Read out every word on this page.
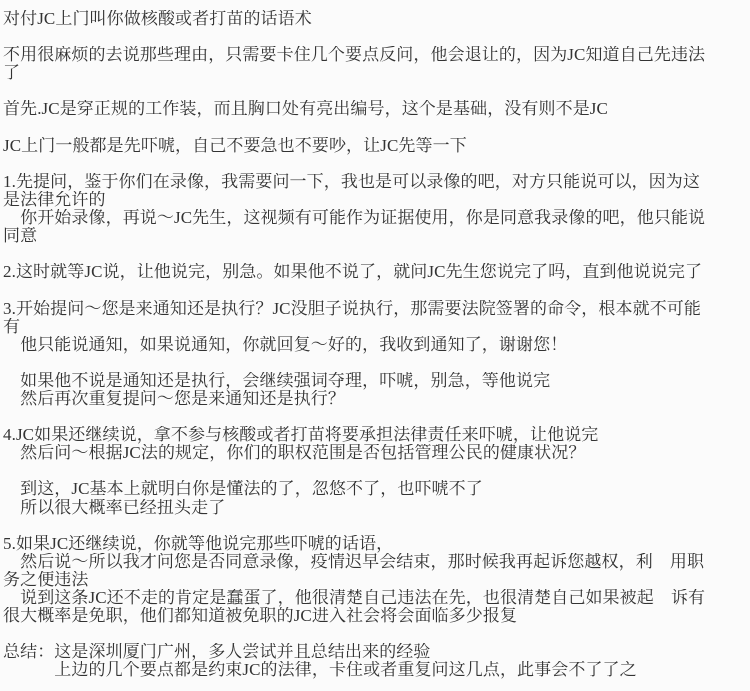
对付JC上门叫你做核酸或者打苗的话语术
不用很麻烦的去说那些理由，只需要卡住几个要点反问，他会退让的，因为JC知道自己先违法
了
首先.JC是穿正规的工作装，而且胸口处有亮出编号，这个是基础，没有则不是JC
JC上门一般都是先吓唬，自己不要急也不要吵，让JC先等一下
1.先提问，鉴于你们在录像，我需要问一下，我也是可以录像的吧，对方只能说可以，因为这
是法律允许的
　你开始录像，再说～JC先生，这视频有可能作为证据使用，你是同意我录像的吧，他只能说
同意
2.这时就等JC说，让他说完，别急。如果他不说了，就问JC先生您说完了吗，直到他说说完了
3.开始提问～您是来通知还是执行？JC没胆子说执行，那需要法院签署的命令，根本就不可能
有
　他只能说通知，如果说通知，你就回复～好的，我收到通知了，谢谢您！
　如果他不说是通知还是执行，会继续强词夺理，吓唬，别急，等他说完
　然后再次重复提问～您是来通知还是执行？
4.JC如果还继续说，拿不参与核酸或者打苗将要承担法律责任来吓唬，让他说完
　然后问～根据JC法的规定，你们的职权范围是否包括管理公民的健康状况？
　到这，JC基本上就明白你是懂法的了，忽悠不了，也吓唬不了
　所以很大概率已经扭头走了
5.如果JC还继续说，你就等他说完那些吓唬的话语，
　然后说～所以我才问您是否同意录像，疫情迟早会结束，那时候我再起诉您越权，利　用职
务之便违法
　说到这条JC还不走的肯定是蠢蛋了，他很清楚自己违法在先，也很清楚自己如果被起　诉有
很大概率是免职，他们都知道被免职的JC进入社会将会面临多少报复
总结：这是深圳厦门广州，多人尝试并且总结出来的经验
　　　上边的几个要点都是约束JC的法律，卡住或者重复问这几点，此事会不了了之
